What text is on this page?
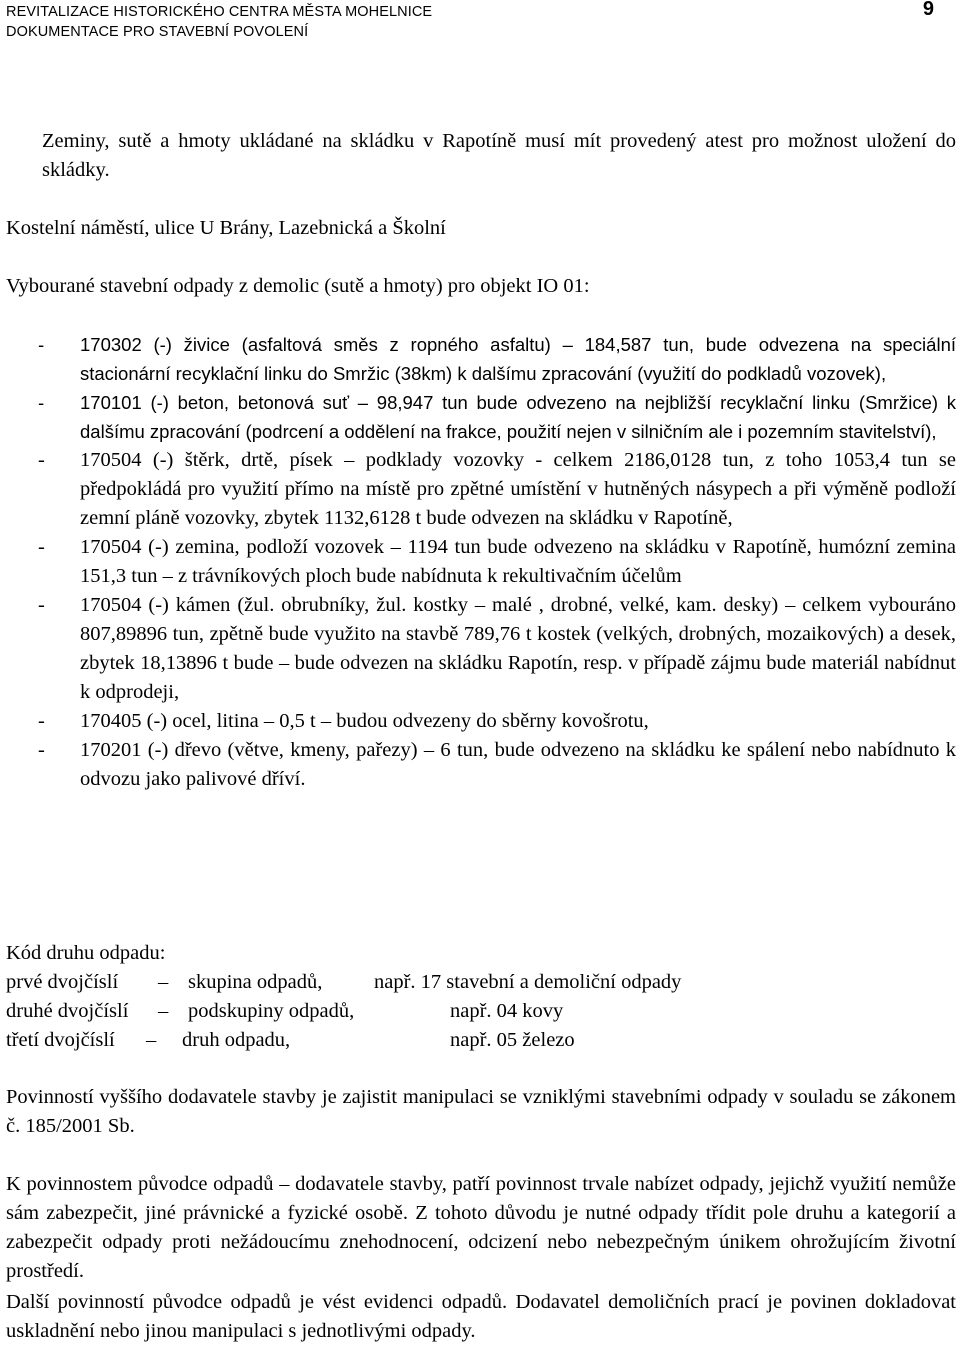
REVITALIZACE HISTORICKÉHO CENTRA MĚSTA MOHELNICE
DOKUMENTACE PRO STAVEBNÍ POVOLENÍ
9
Zeminy, sutě a hmoty ukládané na skládku v Rapotíně musí mít provedený atest pro možnost uložení do skládky.
Kostelní náměstí, ulice U Brány, Lazebnická a Školní
Vybourané stavební odpady z demolic (sutě a hmoty) pro objekt IO 01:
- 170302 (-) živice (asfaltová směs z ropného asfaltu) – 184,587 tun, bude odvezena na speciální stacionární recyklační linku do Smržic (38km) k dalšímu zpracování (využití do podkladů vozovek),
- 170101 (-) beton, betonová suť – 98,947 tun bude odvezeno na nejbližší recyklační linku (Smržice) k dalšímu zpracování (podrcení a oddělení na frakce, použití nejen v silničním ale i pozemním stavitelství),
- 170504 (-) štěrk, drtě, písek – podklady vozovky - celkem 2186,0128 tun, z toho 1053,4 tun se předpokládá pro využití přímo na místě pro zpětné umístění v hutněných násypech a při výměně podloží zemní pláně vozovky, zbytek 1132,6128 t bude odvezen na skládku v Rapotíně,
- 170504 (-) zemina, podloží vozovek – 1194 tun bude odvezeno na skládku v Rapotíně, humózní zemina 151,3 tun – z trávníkových ploch bude nabídnuta k rekultivačním účelům
- 170504 (-) kámen (žul. obrubníky, žul. kostky – malé , drobné, velké, kam. desky) – celkem vybouráno 807,89896 tun, zpětně bude využito na stavbě 789,76 t kostek (velkých, drobných, mozaikových) a desek, zbytek 18,13896 t bude – bude odvezen na skládku Rapotín, resp. v případě zájmu bude materiál nabídnut k odprodeji,
- 170405 (-) ocel, litina – 0,5 t – budou odvezeny do sběrny kovošrotu,
- 170201 (-) dřevo (větve, kmeny, pařezy) – 6 tun, bude odvezeno na skládku ke spálení nebo nabídnuto k odvozu jako palivové dříví.
Kód druhu odpadu:
prvé dvojčíslí – skupina odpadů,	např. 17 stavební a demoliční odpady
druhé dvojčíslí – podskupiny odpadů,	např. 04 kovy
třetí dvojčíslí – druh odpadu,	např. 05 železo
Povinností vyššího dodavatele stavby je zajistit manipulaci se vzniklými stavebními odpady v souladu se zákonem č. 185/2001 Sb.
K povinnostem původce odpadů – dodavatele stavby, patří povinnost trvale nabízet odpady, jejichž využití nemůže sám zabezpečit, jiné právnické a fyzické osobě. Z tohoto důvodu je nutné odpady třídit pole druhu a kategorií a zabezpečit odpady proti nežádoucímu znehodnocení, odcizení nebo nebezpečným únikem ohrožujícím životní prostředí.
Další povinností původce odpadů je vést evidenci odpadů. Dodavatel demoličních prací je povinen dokladovat uskladnění nebo jinou manipulaci s jednotlivými odpady.
